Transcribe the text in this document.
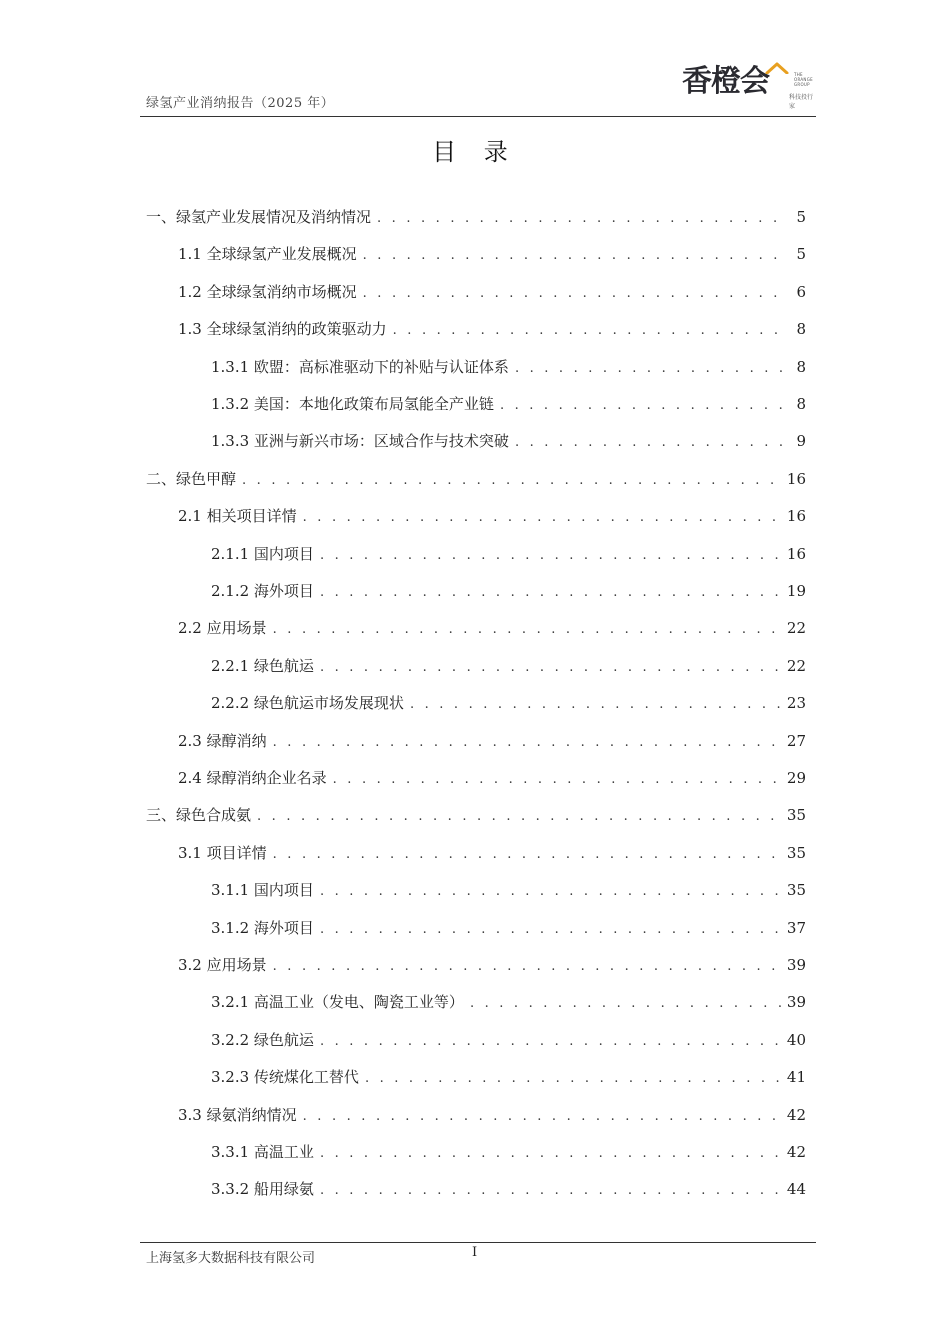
绿氢产业消纳报告（2025 年）
香橙会	THE
ORANGE
GROUP
科技投行家
目 录
一、绿氢产业发展情况及消纳情况 . . .	5
1.1 全球绿氢产业发展概况 . . .	5
1.2 全球绿氢消纳市场概况 . . .	6
1.3 全球绿氢消纳的政策驱动力 . . .	8
1.3.1 欧盟：高标准驱动下的补贴与认证体系 . . .	8
1.3.2 美国：本地化政策布局氢能全产业链 . . .	8
1.3.3 亚洲与新兴市场：区域合作与技术突破 . . .	9
二、绿色甲醇 . . .	16
2.1 相关项目详情 . . .	16
2.1.1 国内项目 . . .	16
2.1.2 海外项目 . . .	19
2.2 应用场景 . . .	22
2.2.1 绿色航运 . . .	22
2.2.2 绿色航运市场发展现状 . . .	23
2.3 绿醇消纳 . . .	27
2.4 绿醇消纳企业名录 . . .	29
三、绿色合成氨 . . .	35
3.1 项目详情 . . .	35
3.1.1 国内项目 . . .	35
3.1.2 海外项目 . . .	37
3.2 应用场景 . . .	39
3.2.1 高温工业（发电、陶瓷工业等） . . .	39
3.2.2 绿色航运 . . .	40
3.2.3 传统煤化工替代 . . .	41
3.3 绿氨消纳情况 . . .	42
3.3.1 高温工业 . . .	42
3.3.2 船用绿氨 . . .	44
上海氢多大数据科技有限公司	I
